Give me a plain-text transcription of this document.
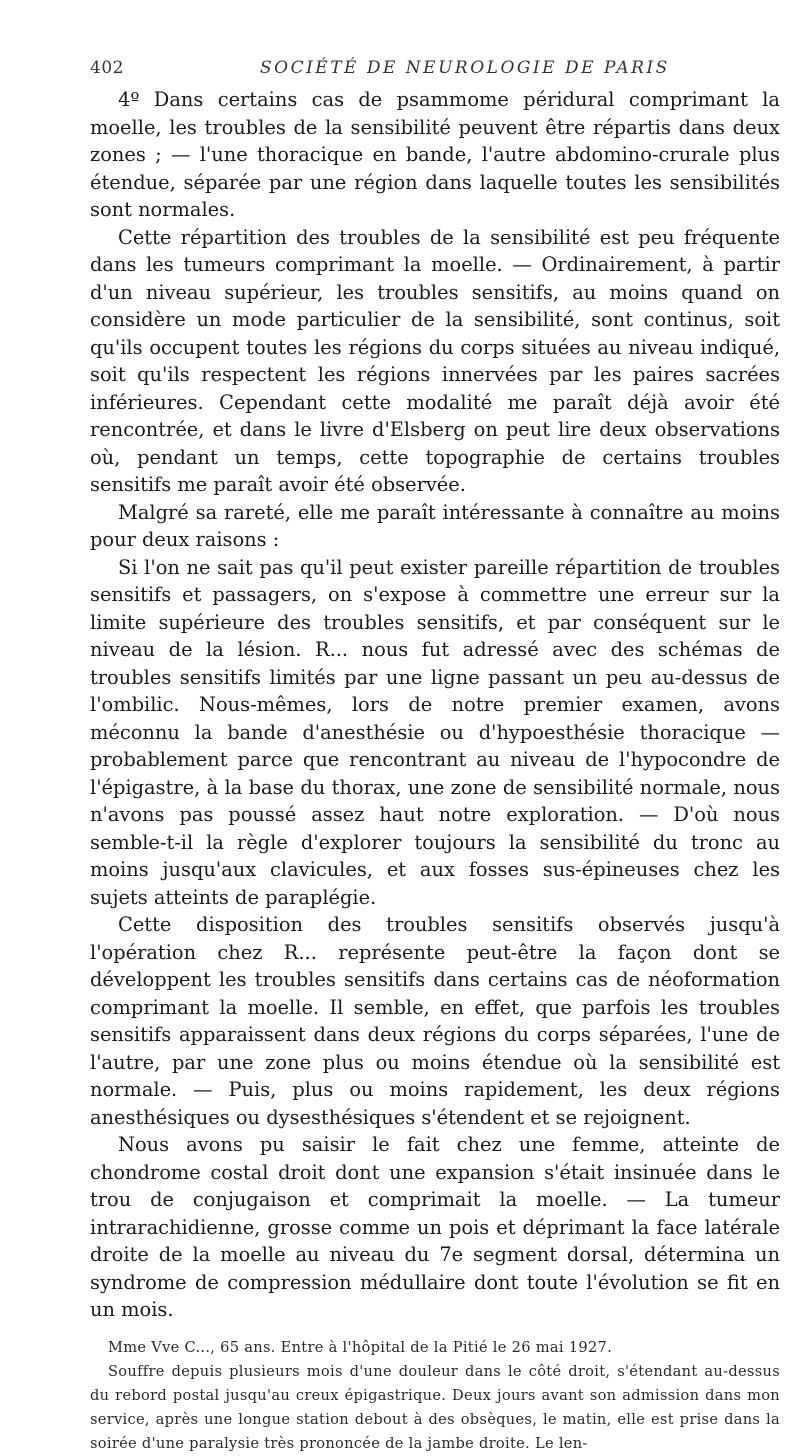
402	SOCIÉTÉ DE NEUROLOGIE DE PARIS

4º Dans certains cas de psammome péridural comprimant la moelle, les troubles de la sensibilité peuvent être répartis dans deux zones ; — l'une thoracique en bande, l'autre abdomino-crurale plus étendue, séparée par une région dans laquelle toutes les sensibilités sont normales.

Cette répartition des troubles de la sensibilité est peu fréquente dans les tumeurs comprimant la moelle. — Ordinairement, à partir d'un niveau supérieur, les troubles sensitifs, au moins quand on considère un mode particulier de la sensibilité, sont continus, soit qu'ils occupent toutes les régions du corps situées au niveau indiqué, soit qu'ils respectent les régions innervées par les paires sacrées inférieures. Cependant cette modalité me paraît déjà avoir été rencontrée, et dans le livre d'Elsberg on peut lire deux observations où, pendant un temps, cette topographie de certains troubles sensitifs me paraît avoir été observée.

Malgré sa rareté, elle me paraît intéressante à connaître au moins pour deux raisons :

Si l'on ne sait pas qu'il peut exister pareille répartition de troubles sensitifs et passagers, on s'expose à commettre une erreur sur la limite supérieure des troubles sensitifs, et par conséquent sur le niveau de la lésion. R... nous fut adressé avec des schémas de troubles sensitifs limités par une ligne passant un peu au-dessus de l'ombilic. Nous-mêmes, lors de notre premier examen, avons méconnu la bande d'anesthésie ou d'hypoesthésie thoracique — probablement parce que rencontrant au niveau de l'hypocondre de l'épigastre, à la base du thorax, une zone de sensibilité normale, nous n'avons pas poussé assez haut notre exploration. — D'où nous semble-t-il la règle d'explorer toujours la sensibilité du tronc au moins jusqu'aux clavicules, et aux fosses sus-épineuses chez les sujets atteints de paraplégie.

Cette disposition des troubles sensitifs observés jusqu'à l'opération chez R... représente peut-être la façon dont se développent les troubles sensitifs dans certains cas de néoformation comprimant la moelle. Il semble, en effet, que parfois les troubles sensitifs apparaissent dans deux régions du corps séparées, l'une de l'autre, par une zone plus ou moins étendue où la sensibilité est normale. — Puis, plus ou moins rapidement, les deux régions anesthésiques ou dysesthésiques s'étendent et se rejoignent.

Nous avons pu saisir le fait chez une femme, atteinte de chondrome costal droit dont une expansion s'était insinuée dans le trou de conjugaison et comprimait la moelle. — La tumeur intrarachidienne, grosse comme un pois et déprimant la face latérale droite de la moelle au niveau du 7e segment dorsal, détermina un syndrome de compression médullaire dont toute l'évolution se fit en un mois.

Mme Vve C..., 65 ans. Entre à l'hôpital de la Pitié le 26 mai 1927.

Souffre depuis plusieurs mois d'une douleur dans le côté droit, s'étendant au-dessus du rebord postal jusqu'au creux épigastrique. Deux jours avant son admission dans mon service, après une longue station debout à des obsèques, le matin, elle est prise dans la soirée d'une paralysie très prononcée de la jambe droite. Le len-
